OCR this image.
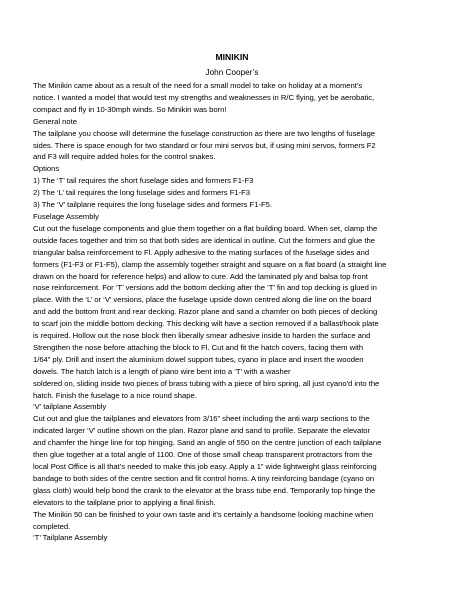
MINIKIN
John Cooper’s
The Minikin came about as a result of the need for a small model to take on holiday at a moment’s
notice. I wanted a model that would test my strengths and weaknesses in R/C flying, yet be aerobatic,
compact and fly in 10-30mph winds. So Minikin was born!
General note
The tailplane you choose will determine the fuselage construction as there are two lengths of fuselage
sides. There is space enough for two standard or four mini servos but, if using mini servos, formers F2
and F3 will require added holes for the control snakes.
Options
1) The ‘T’ tail requires the short fuselage sides and formers F1-F3
2) The ‘L’ tail requires the long fuselage sides and formers F1-F3
3) The ‘V’ tailplane requires the long fuselage sides and formers F1-F5.
Fuselage Assembly
Cut out the fuselage components and glue them together on a flat building board. When set, clamp the
outside faces together and trim so that both sides are identical in outline. Cut the formers and glue the
triangular balsa reinforcement to Fl. Apply adhesive to the mating surfaces of the fuselage sides and
formers (F1-F3 or F1-F5), clamp the assembly together straight and square on a flat board (a straight line
drawn on the hoard for reference helps) and allow to cure. Add the laminated ply and balsa top front
nose reinforcement. For ‘T’ versions add the bottom decking after the ‘T’ fin and top decking is glued in
place. With the ‘L’ or ‘V’ versions, place the fuselage upside down centred along die line on the board
and add the bottom front and rear decking. Razor plane and sand a chamfer on both pieces of decking
to scarf join the middle bottom decking. This decking wilt have a section removed if a ballast/hook plate
is required. Hollow out the nose block then liberally smear adhesive inside to harden the surface and
Strengthen the nose before attaching the block to Fl. Cut and fit the hatch covers, facing them with
1/64” ply. Drill and insert the aluminium dowel support tubes, cyano in place and insert the wooden
dowels. The hatch latch is a length of piano wire bent into a ‘T’ with a washer
soldered on, sliding inside two pieces of brass tubing with a piece of biro spring, all just cyano'd into the
hatch. Finish the fuselage to a nice round shape.
‘V’ tailplane Assembly
Cut out and glue the tailplanes and elevators from 3/16” sheet including the anti warp sections to the
indicated larger ‘V’ outline shown on the plan. Razor plane and sand to profile. Separate the elevator
and chamfer the hinge line for top hinging. Sand an angle of 550 on the centre junction of each tailplane
then glue together at a total angle of 1100. One of those small cheap transparent protractors from the
local Post Office is all that’s needed to make this job easy. Apply a 1” wide lightweight glass reinforcing
bandage to both sides of the centre section and fit control horns. A tiny reinforcing bandage (cyano on
glass cloth) would help bond the crank to the elevator at the brass tube end. Temporarily top hinge the
elevators to the tailplane prior to applying a final finish.
The Minikin 50 can be finished to your own taste and it’s certainly a handsome looking machine when
completed.
‘T’ Tailplane Assembly
